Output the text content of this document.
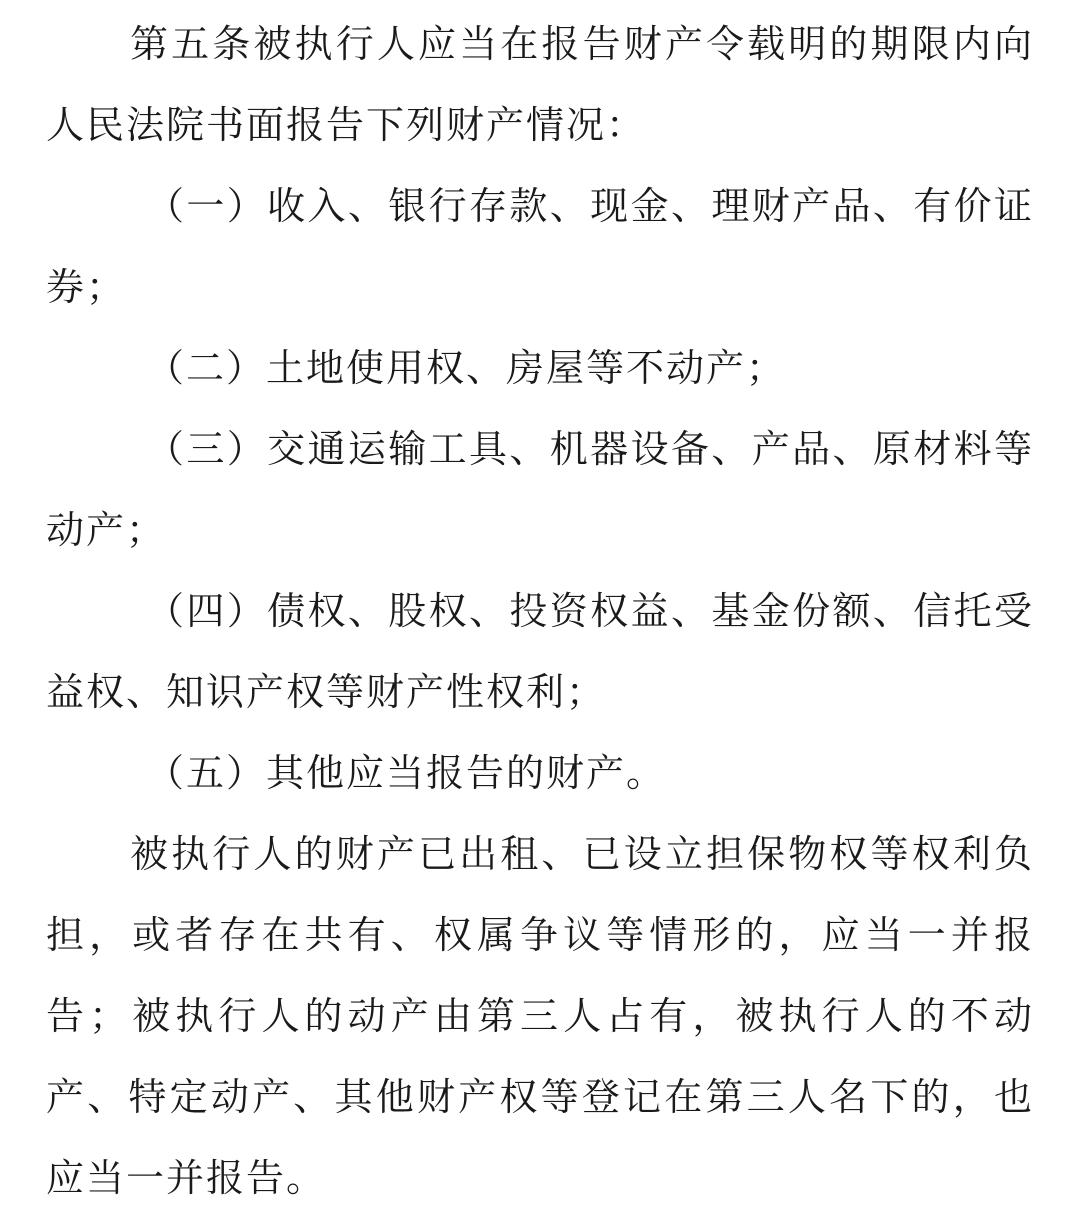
第五条被执行人应当在报告财产令载明的期限内向人民法院书面报告下列财产情况：

（一）收入、银行存款、现金、理财产品、有价证券；

（二）土地使用权、房屋等不动产；

（三）交通运输工具、机器设备、产品、原材料等动产；

（四）债权、股权、投资权益、基金份额、信托受益权、知识产权等财产性权利；

（五）其他应当报告的财产。

被执行人的财产已出租、已设立担保物权等权利负担，或者存在共有、权属争议等情形的，应当一并报告；被执行人的动产由第三人占有，被执行人的不动产、特定动产、其他财产权等登记在第三人名下的，也应当一并报告。
